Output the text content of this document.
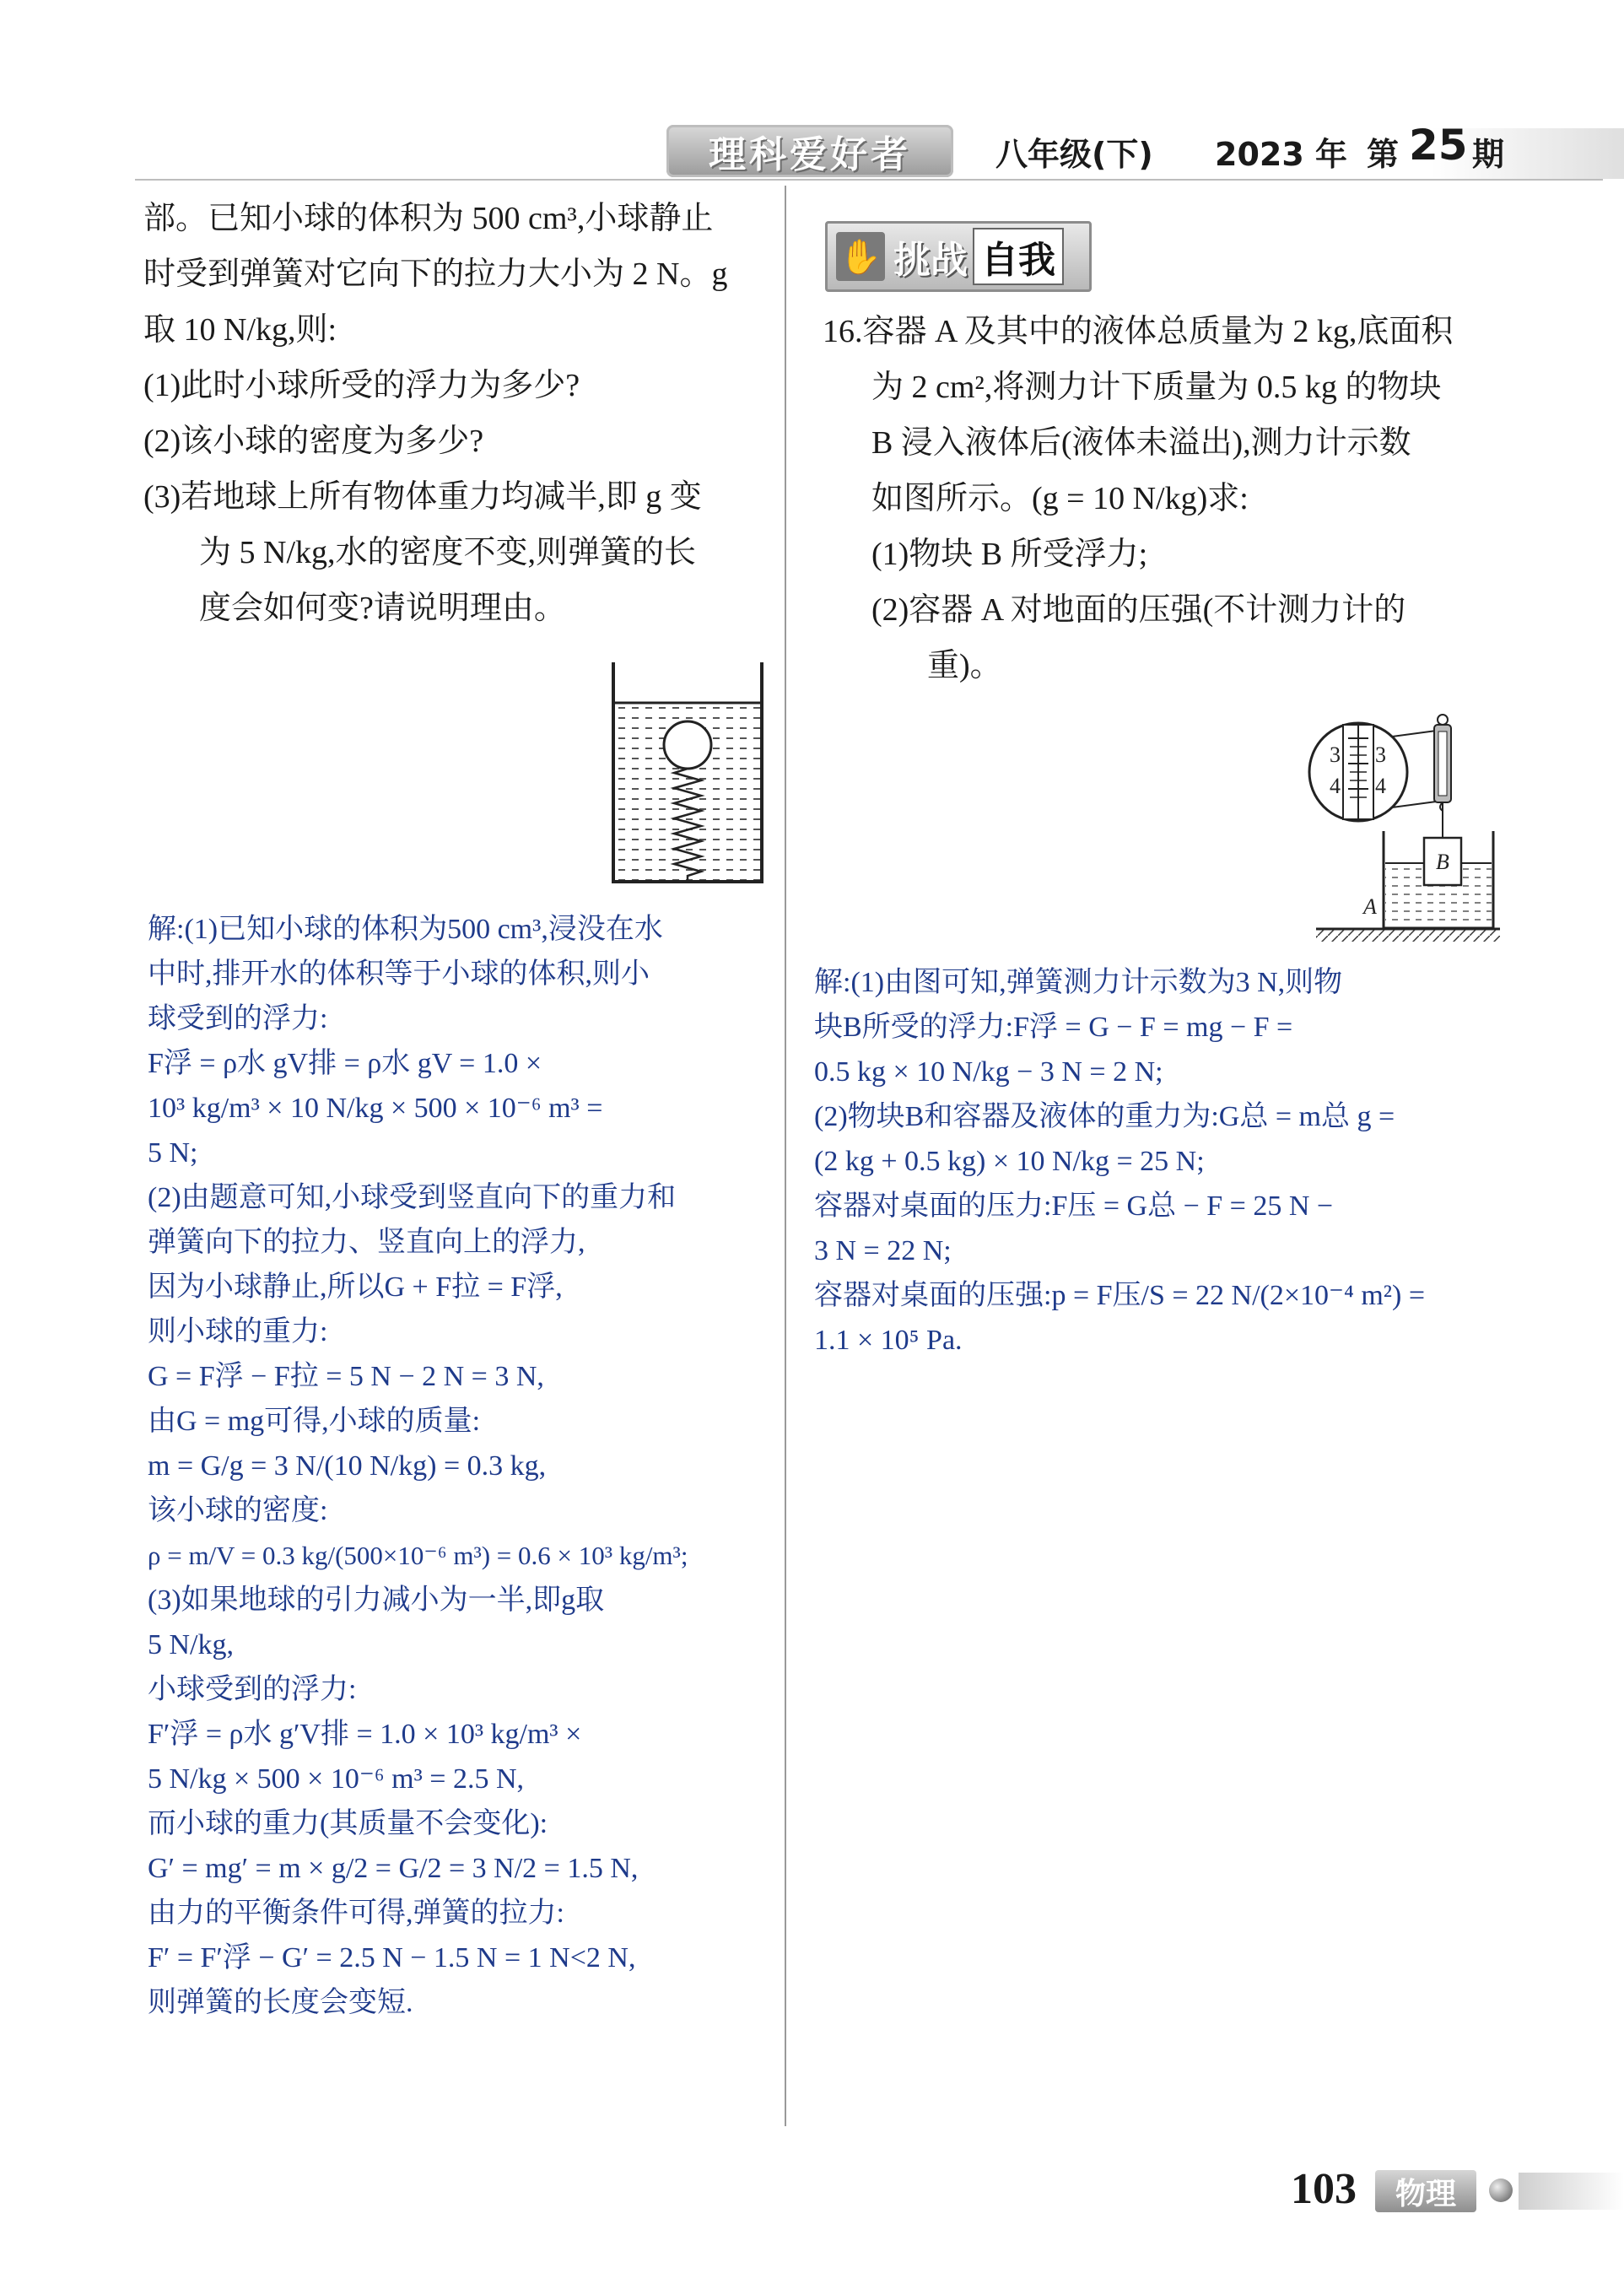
理科爱好者	八年级(下) 2023 年 第 25 期
部。已知小球的体积为 500 cm³,小球静止
时受到弹簧对它向下的拉力大小为 2 N。g
取 10 N/kg,则:
(1)此时小球所受的浮力为多少?
(2)该小球的密度为多少?
(3)若地球上所有物体重力均减半,即 g 变
为 5 N/kg,水的密度不变,则弹簧的长
度会如何变?请说明理由。
解:(1)已知小球的体积为500 cm³,浸没在水
中时,排开水的体积等于小球的体积,则小
球受到的浮力:
F浮 = ρ水 gV排 = ρ水 gV = 1.0 ×
10³ kg/m³ × 10 N/kg × 500 × 10⁻⁶ m³ =
5 N;
(2)由题意可知,小球受到竖直向下的重力和
弹簧向下的拉力、竖直向上的浮力,
因为小球静止,所以G + F拉 = F浮,
则小球的重力:
G = F浮 − F拉 = 5 N − 2 N = 3 N,
由G = mg可得,小球的质量:
m = G/g = 3 N/(10 N/kg) = 0.3 kg,
该小球的密度:
ρ = m/V = 0.3 kg/(500×10⁻⁶ m³) = 0.6 × 10³ kg/m³;
(3)如果地球的引力减小为一半,即g取
5 N/kg,
小球受到的浮力:
F′浮 = ρ水 g′V排 = 1.0 × 10³ kg/m³ ×
5 N/kg × 500 × 10⁻⁶ m³ = 2.5 N,
而小球的重力(其质量不会变化):
G′ = mg′ = m × g/2 = G/2 = 3 N/2 = 1.5 N,
由力的平衡条件可得,弹簧的拉力:
F′ = F′浮 − G′ = 2.5 N − 1.5 N = 1 N<2 N,
则弹簧的长度会变短.
✋ 挑战 自我
16.容器 A 及其中的液体总质量为 2 kg,底面积
为 2 cm²,将测力计下质量为 0.5 kg 的物块
B 浸入液体后(液体未溢出),测力计示数
如图所示。(g = 10 N/kg)求:
(1)物块 B 所受浮力;
(2)容器 A 对地面的压强(不计测力计的
重)。
3 3
4 4
B
A
解:(1)由图可知,弹簧测力计示数为3 N,则物
块B所受的浮力:F浮 = G − F = mg − F =
0.5 kg × 10 N/kg − 3 N = 2 N;
(2)物块B和容器及液体的重力为:G总 = m总 g =
(2 kg + 0.5 kg) × 10 N/kg = 25 N;
容器对桌面的压力:F压 = G总 − F = 25 N −
3 N = 22 N;
容器对桌面的压强:p = F压/S = 22 N/(2×10⁻⁴ m²) =
1.1 × 10⁵ Pa.
103	物理
